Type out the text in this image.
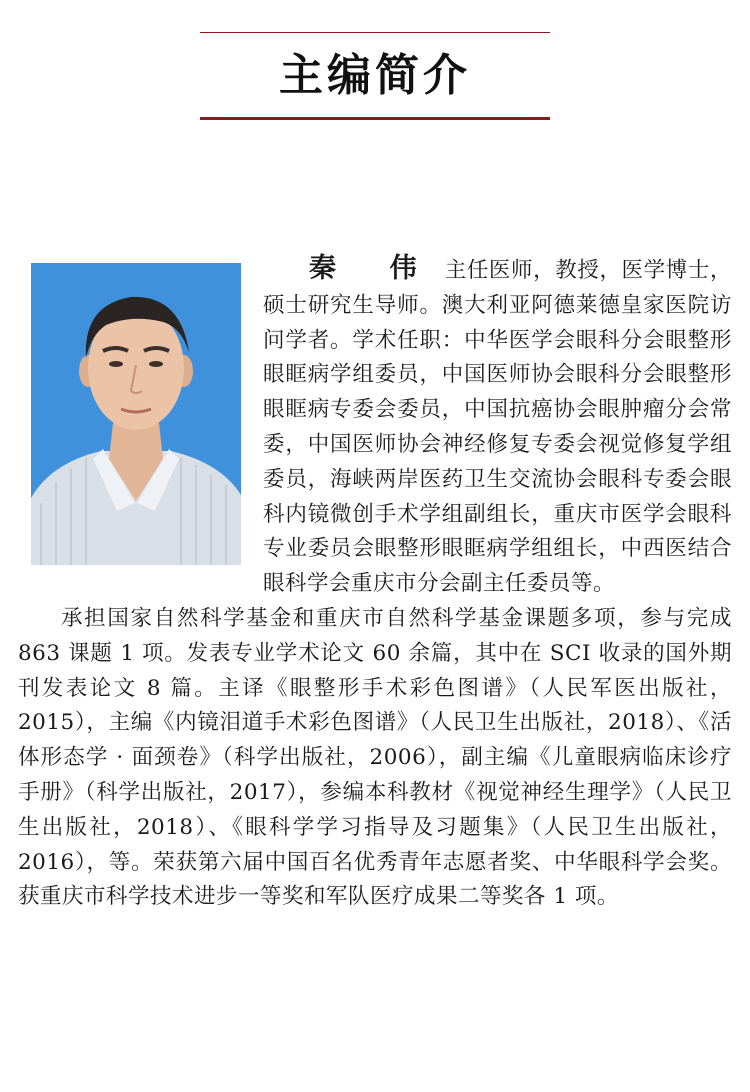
主编简介

秦 伟 主任医师，教授，医学博士，硕士研究生导师。澳大利亚阿德莱德皇家医院访问学者。学术任职：中华医学会眼科分会眼整形眼眶病学组委员，中国医师协会眼科分会眼整形眼眶病专委会委员，中国抗癌协会眼肿瘤分会常委，中国医师协会神经修复专委会视觉修复学组委员，海峡两岸医药卫生交流协会眼科专委会眼科内镜微创手术学组副组长，重庆市医学会眼科专业委员会眼整形眼眶病学组组长，中西医结合眼科学会重庆市分会副主任委员等。

承担国家自然科学基金和重庆市自然科学基金课题多项，参与完成 863 课题 1 项。发表专业学术论文 60 余篇，其中在 SCI 收录的国外期刊发表论文 8 篇。主译《眼整形手术彩色图谱》（人民军医出版社，2015），主编《内镜泪道手术彩色图谱》（人民卫生出版社，2018）、《活体形态学 · 面颈卷》（科学出版社，2006），副主编《儿童眼病临床诊疗手册》（科学出版社，2017），参编本科教材《视觉神经生理学》（人民卫生出版社，2018）、《眼科学学习指导及习题集》（人民卫生出版社，2016），等。荣获第六届中国百名优秀青年志愿者奖、中华眼科学会奖。获重庆市科学技术进步一等奖和军队医疗成果二等奖各 1 项。
